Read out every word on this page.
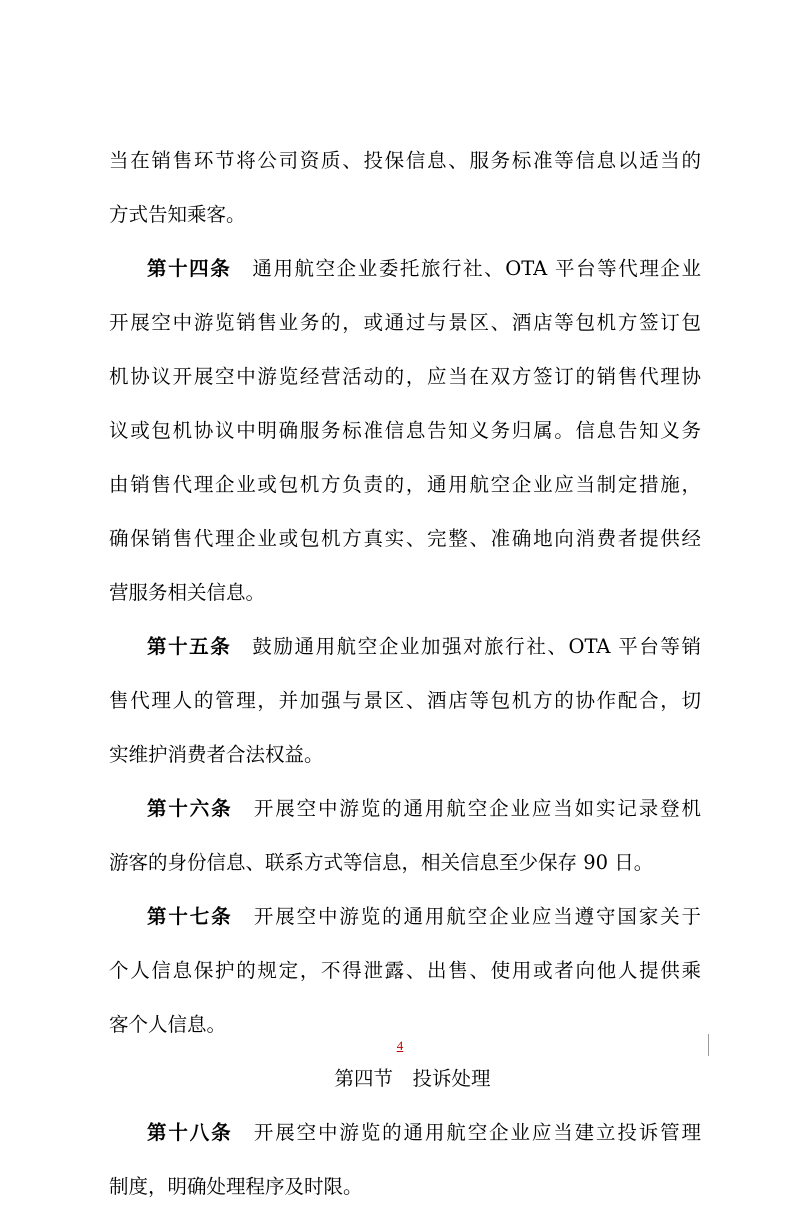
当在销售环节将公司资质、投保信息、服务标准等信息以适当的
方式告知乘客。
第十四条　 通用航空企业委托旅行社、OTA 平台等代理企业
开展空中游览销售业务的，或通过与景区、酒店等包机方签订包
机协议开展空中游览经营活动的，应当在双方签订的销售代理协
议或包机协议中明确服务标准信息告知义务归属。信息告知义务
由销售代理企业或包机方负责的，通用航空企业应当制定措施，
确保销售代理企业或包机方真实、完整、准确地向消费者提供经
营服务相关信息。
第十五条　 鼓励通用航空企业加强对旅行社、OTA 平台等销
售代理人的管理，并加强与景区、酒店等包机方的协作配合，切
实维护消费者合法权益。
第十六条　 开展空中游览的通用航空企业应当如实记录登机
游客的身份信息、联系方式等信息，相关信息至少保存 90 日。
第十七条　 开展空中游览的通用航空企业应当遵守国家关于
个人信息保护的规定，不得泄露、出售、使用或者向他人提供乘
客个人信息。
第四节　投诉处理
第十八条　 开展空中游览的通用航空企业应当建立投诉管理
制度，明确处理程序及时限。
4
